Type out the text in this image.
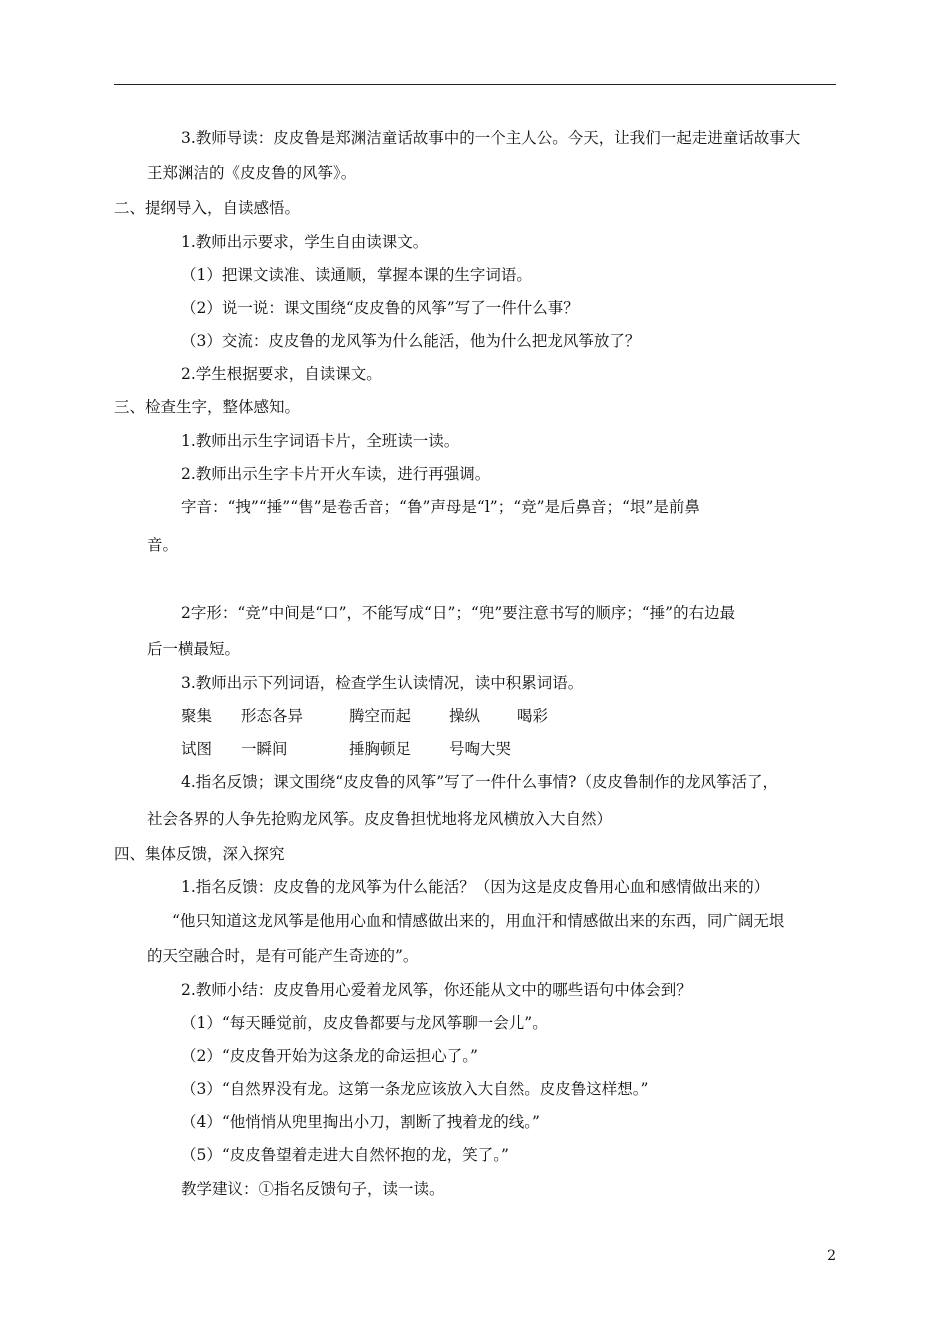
3.教师导读：皮皮鲁是郑渊洁童话故事中的一个主人公。今天，让我们一起走进童话故事大
王郑渊洁的《皮皮鲁的风筝》。
二、提纲导入，自读感悟。
1.教师出示要求，学生自由读课文。
（1）把课文读准、读通顺，掌握本课的生字词语。
（2）说一说：课文围绕“皮皮鲁的风筝”写了一件什么事？
（3）交流：皮皮鲁的龙风筝为什么能活，他为什么把龙风筝放了？
2.学生根据要求，自读课文。
三、检查生字，整体感知。
1.教师出示生字词语卡片，全班读一读。
2.教师出示生字卡片开火车读，进行再强调。
字音：“拽”“捶”“售”是卷舌音；“鲁”声母是“l”；“竞”是后鼻音；“垠”是前鼻
音。
2字形：“竞”中间是“口”，不能写成“日”；“兜”要注意书写的顺序；“捶”的右边最
后一横最短。
3.教师出示下列词语，检查学生认读情况，读中积累词语。
聚集 形态各异	腾空而起 操纵 喝彩
试图 一瞬间	捶胸顿足 号啕大哭
4.指名反馈；课文围绕“皮皮鲁的风筝”写了一件什么事情?（皮皮鲁制作的龙风筝活了，
社会各界的人争先抢购龙风筝。皮皮鲁担忧地将龙风横放入大自然）
四、集体反馈，深入探究
1.指名反馈：皮皮鲁的龙风筝为什么能活？（因为这是皮皮鲁用心血和感情做出来的）
“他只知道这龙风筝是他用心血和情感做出来的，用血汗和情感做出来的东西，同广阔无垠
的天空融合时，是有可能产生奇迹的”。
2.教师小结：皮皮鲁用心爱着龙风筝，你还能从文中的哪些语句中体会到？
（1）“每天睡觉前，皮皮鲁都要与龙风筝聊一会儿”。
（2）“皮皮鲁开始为这条龙的命运担心了。”
（3）“自然界没有龙。这第一条龙应该放入大自然。皮皮鲁这样想。”
（4）“他悄悄从兜里掏出小刀，割断了拽着龙的线。”
（5）“皮皮鲁望着走进大自然怀抱的龙，笑了。”
教学建议：①指名反馈句子，读一读。
2
